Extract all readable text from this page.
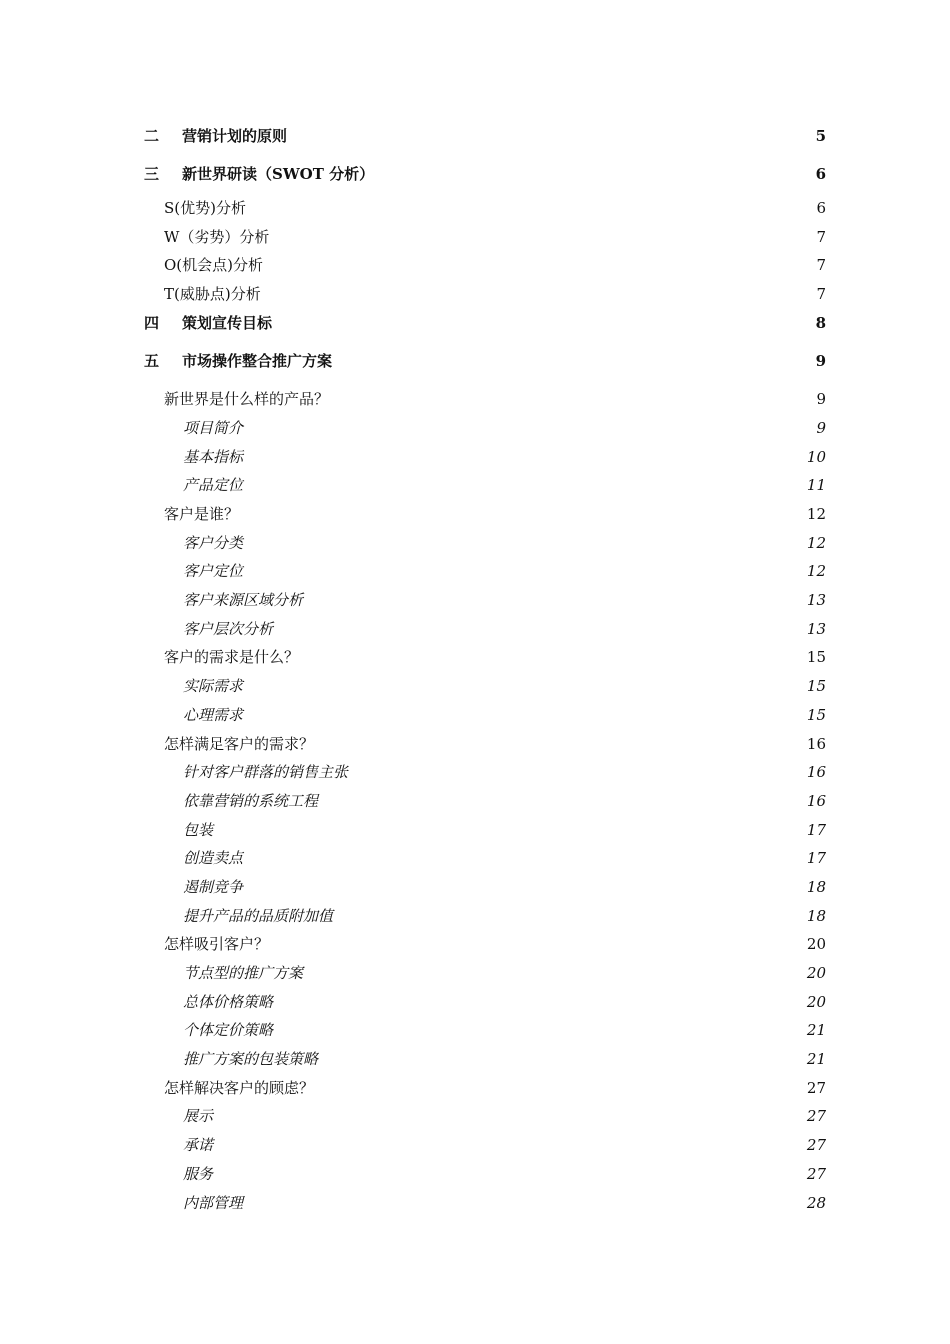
二	营销计划的原则	5
三	新世界研读（SWOT 分析）	6
S(优势)分析	6
W（劣势）分析	7
O(机会点)分析	7
T(威胁点)分析	7
四	策划宣传目标	8
五	市场操作整合推广方案	9
新世界是什么样的产品？	9
项目简介	9
基本指标	10
产品定位	11
客户是谁？	12
客户分类	12
客户定位	12
客户来源区域分析	13
客户层次分析	13
客户的需求是什么？	15
实际需求	15
心理需求	15
怎样满足客户的需求？	16
针对客户群落的销售主张	16
依靠营销的系统工程	16
包装	17
创造卖点	17
遏制竞争	18
提升产品的品质附加值	18
怎样吸引客户？	20
节点型的推广方案	20
总体价格策略	20
个体定价策略	21
推广方案的包装策略	21
怎样解决客户的顾虑？	27
展示	27
承诺	27
服务	27
内部管理	28
